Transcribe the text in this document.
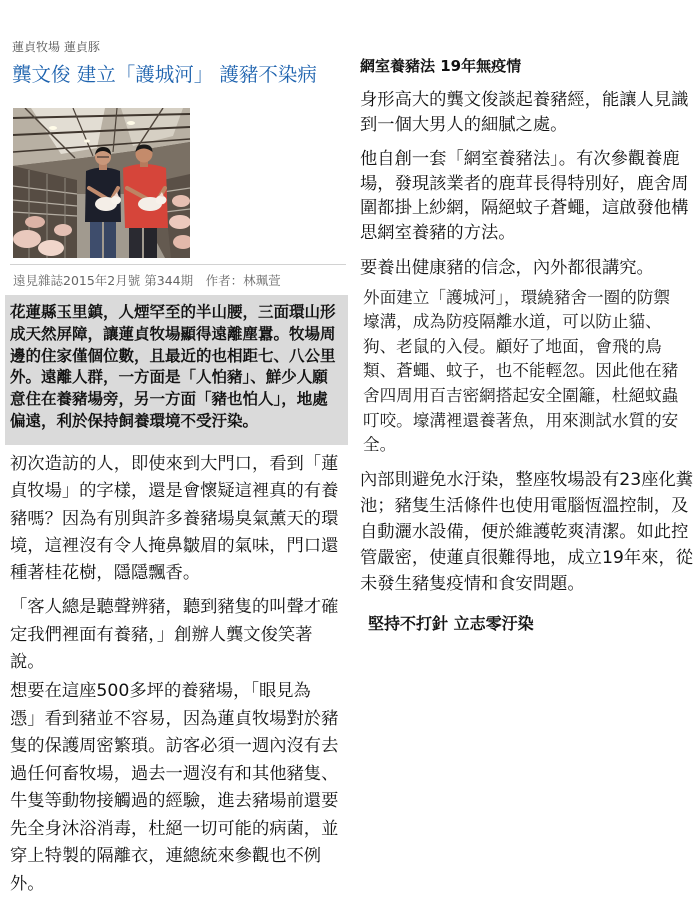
蓮貞牧場 蓮貞豚
龔文俊 建立「護城河」 護豬不染病
遠見雜誌2015年2月號 第344期　作者：林珮萱
花蓮縣玉里鎮，人煙罕至的半山腰，三面環山形
成天然屏障，讓蓮貞牧場顯得遠離塵囂。牧場周
邊的住家僅個位數，且最近的也相距七、八公里
外。遠離人群，一方面是「人怕豬」、鮮少人願
意住在養豬場旁，另一方面「豬也怕人」，地處
偏遠，利於保持飼養環境不受汙染。
初次造訪的人，即使來到大門口，看到「蓮
貞牧場」的字樣，還是會懷疑這裡真的有養
豬嗎？因為有別與許多養豬場臭氣薰天的環
境，這裡沒有令人掩鼻皺眉的氣味，門口還
種著桂花樹，隱隱飄香。
「客人總是聽聲辨豬，聽到豬隻的叫聲才確
定我們裡面有養豬，」創辦人龔文俊笑著
說。
想要在這座500多坪的養豬場，「眼見為
憑」看到豬並不容易，因為蓮貞牧場對於豬
隻的保護周密繁瑣。訪客必須一週內沒有去
過任何畜牧場，過去一週沒有和其他豬隻、
牛隻等動物接觸過的經驗，進去豬場前還要
先全身沐浴消毒，杜絕一切可能的病菌，並
穿上特製的隔離衣，連總統來參觀也不例
外。
網室養豬法 19年無疫情
身形高大的龔文俊談起養豬經，能讓人見識
到一個大男人的細膩之處。
他自創一套「網室養豬法」。有次參觀養鹿
場，發現該業者的鹿茸長得特別好，鹿舍周
圍都掛上紗網，隔絕蚊子蒼蠅，這啟發他構
思網室養豬的方法。
要養出健康豬的信念，內外都很講究。
外面建立「護城河」，環繞豬舍一圈的防禦
壕溝，成為防疫隔離水道，可以防止貓、
狗、老鼠的入侵。顧好了地面，會飛的鳥
類、蒼蠅、蚊子，也不能輕忽。因此他在豬
舍四周用百吉密網搭起安全圍籬，杜絕蚊蟲
叮咬。壕溝裡還養著魚，用來測試水質的安
全。
內部則避免水汙染，整座牧場設有23座化糞
池；豬隻生活條件也使用電腦恆溫控制，及
自動灑水設備，便於維護乾爽清潔。如此控
管嚴密，使蓮貞很難得地，成立19年來，從
未發生豬隻疫情和食安問題。
堅持不打針 立志零汙染
